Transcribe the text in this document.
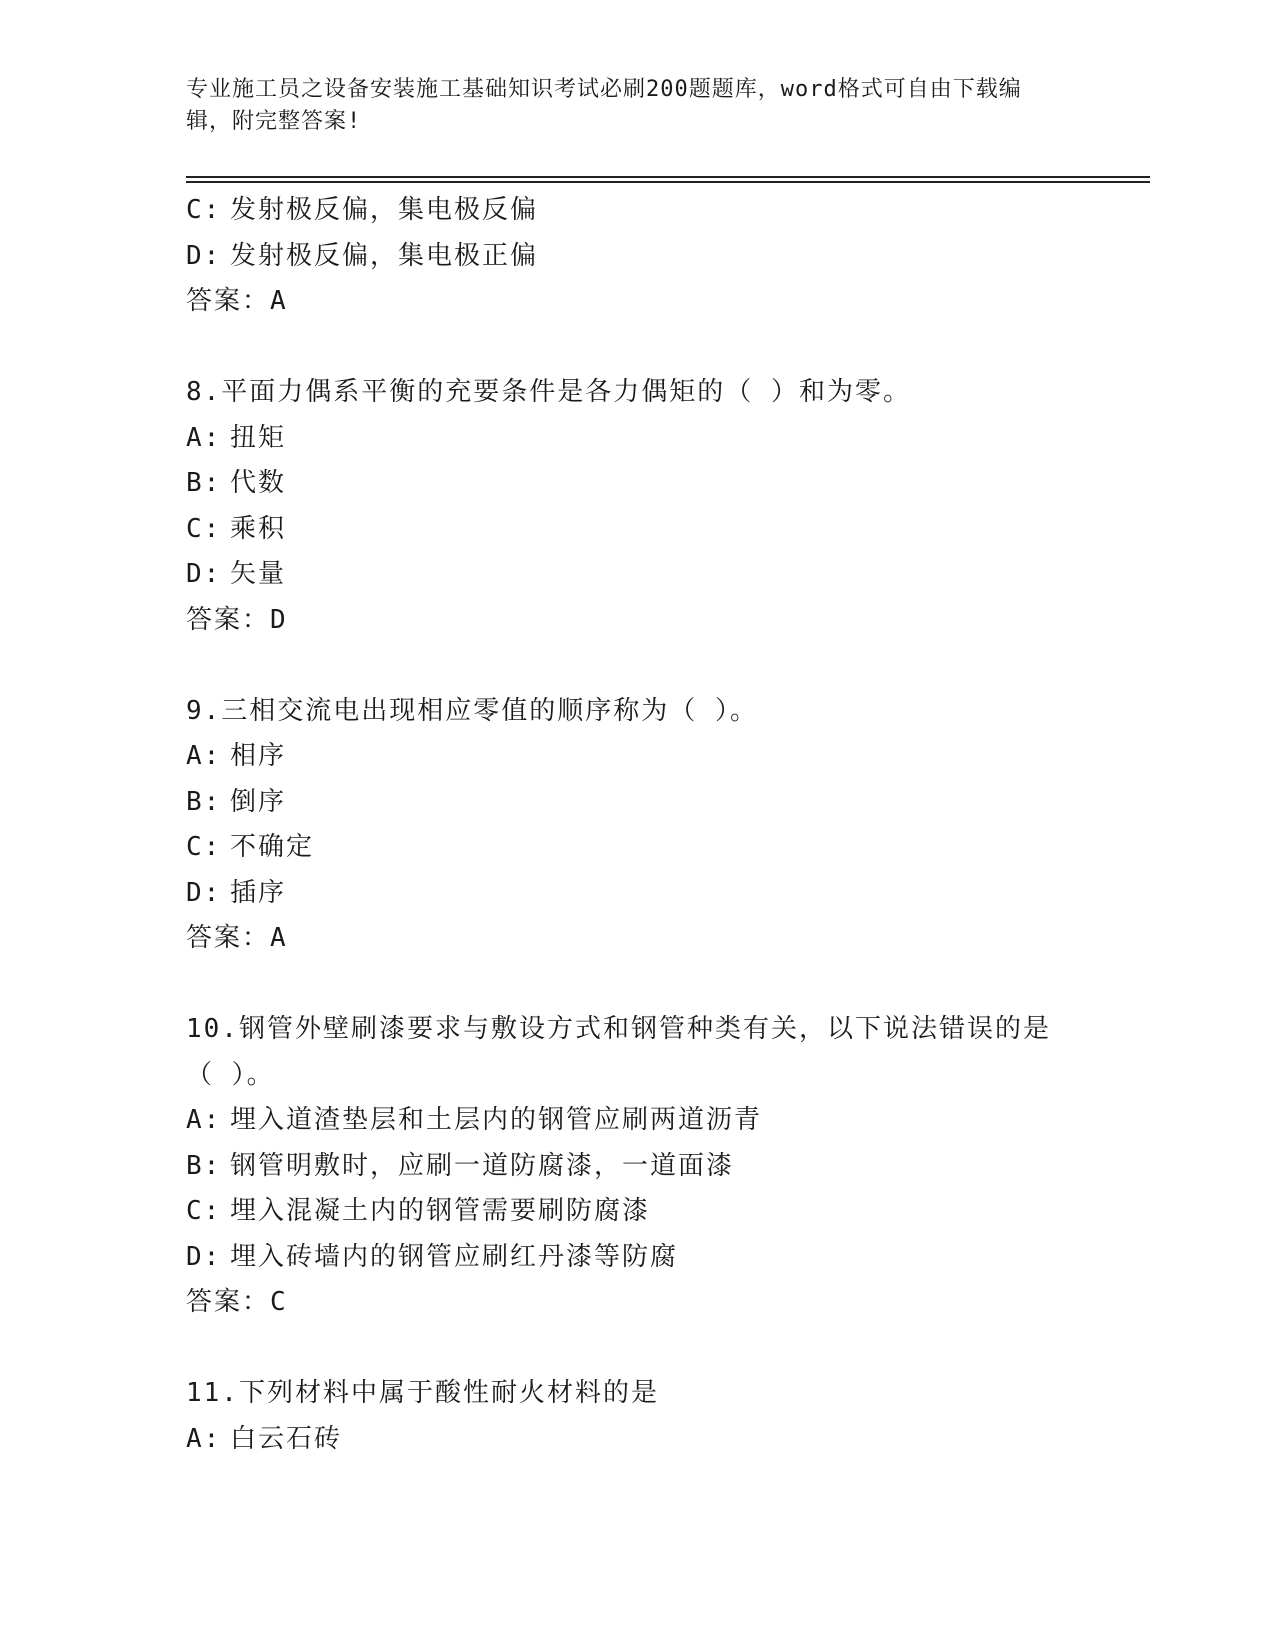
专业施工员之设备安装施工基础知识考试必刷200题题库，word格式可自由下载编辑，附完整答案!
C: 发射极反偏，集电极反偏
D: 发射极反偏，集电极正偏
答案：A
8.平面力偶系平衡的充要条件是各力偶矩的（ ）和为零。
A: 扭矩
B: 代数
C: 乘积
D: 矢量
答案：D
9.三相交流电出现相应零值的顺序称为（ ）。
A: 相序
B: 倒序
C: 不确定
D: 插序
答案：A
10.钢管外壁刷漆要求与敷设方式和钢管种类有关，以下说法错误的是（ ）。
A: 埋入道渣垫层和土层内的钢管应刷两道沥青
B: 钢管明敷时，应刷一道防腐漆，一道面漆
C: 埋入混凝土内的钢管需要刷防腐漆
D: 埋入砖墙内的钢管应刷红丹漆等防腐
答案：C
11.下列材料中属于酸性耐火材料的是
A: 白云石砖
